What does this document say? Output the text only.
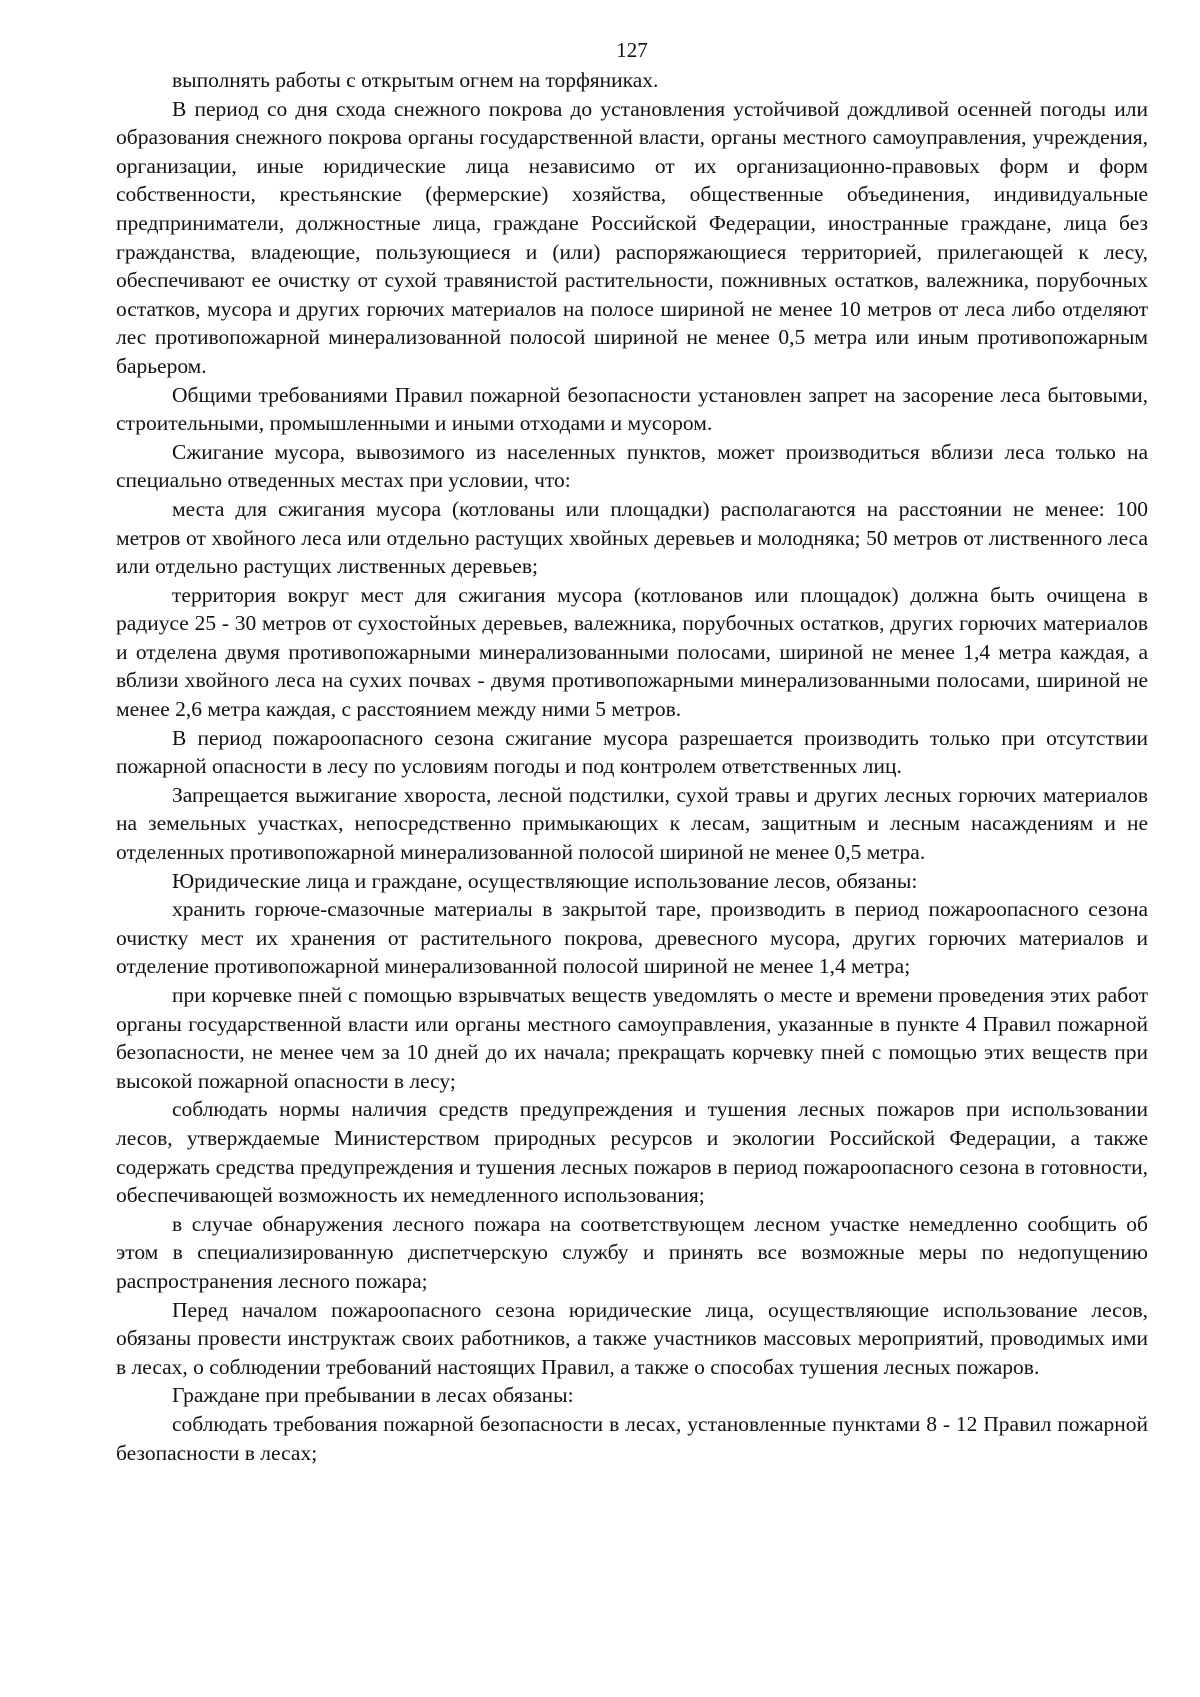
127

выполнять работы с открытым огнем на торфяниках.

В период со дня схода снежного покрова до установления устойчивой дождливой осенней погоды или образования снежного покрова органы государственной власти, органы местного самоуправления, учреждения, организации, иные юридические лица независимо от их организационно-правовых форм и форм собственности, крестьянские (фермерские) хозяйства, общественные объединения, индивидуальные предприниматели, должностные лица, граждане Российской Федерации, иностранные граждане, лица без гражданства, владеющие, пользующиеся и (или) распоряжающиеся территорией, прилегающей к лесу, обеспечивают ее очистку от сухой травянистой растительности, пожнивных остатков, валежника, порубочных остатков, мусора и других горючих материалов на полосе шириной не менее 10 метров от леса либо отделяют лес противопожарной минерализованной полосой шириной не менее 0,5 метра или иным противопожарным барьером.

Общими требованиями Правил пожарной безопасности установлен запрет на засорение леса бытовыми, строительными, промышленными и иными отходами и мусором.

Сжигание мусора, вывозимого из населенных пунктов, может производиться вблизи леса только на специально отведенных местах при условии, что:

места для сжигания мусора (котлованы или площадки) располагаются на расстоянии не менее: 100 метров от хвойного леса или отдельно растущих хвойных деревьев и молодняка; 50 метров от лиственного леса или отдельно растущих лиственных деревьев;

территория вокруг мест для сжигания мусора (котлованов или площадок) должна быть очищена в радиусе 25 - 30 метров от сухостойных деревьев, валежника, порубочных остатков, других горючих материалов и отделена двумя противопожарными минерализованными полосами, шириной не менее 1,4 метра каждая, а вблизи хвойного леса на сухих почвах - двумя противопожарными минерализованными полосами, шириной не менее 2,6 метра каждая, с расстоянием между ними 5 метров.

В период пожароопасного сезона сжигание мусора разрешается производить только при отсутствии пожарной опасности в лесу по условиям погоды и под контролем ответственных лиц.

Запрещается выжигание хвороста, лесной подстилки, сухой травы и других лесных горючих материалов на земельных участках, непосредственно примыкающих к лесам, защитным и лесным насаждениям и не отделенных противопожарной минерализованной полосой шириной не менее 0,5 метра.

Юридические лица и граждане, осуществляющие использование лесов, обязаны:

хранить горюче-смазочные материалы в закрытой таре, производить в период пожароопасного сезона очистку мест их хранения от растительного покрова, древесного мусора, других горючих материалов и отделение противопожарной минерализованной полосой шириной не менее 1,4 метра;

при корчевке пней с помощью взрывчатых веществ уведомлять о месте и времени проведения этих работ органы государственной власти или органы местного самоуправления, указанные в пункте 4 Правил пожарной безопасности, не менее чем за 10 дней до их начала; прекращать корчевку пней с помощью этих веществ при высокой пожарной опасности в лесу;

соблюдать нормы наличия средств предупреждения и тушения лесных пожаров при использовании лесов, утверждаемые Министерством природных ресурсов и экологии Российской Федерации, а также содержать средства предупреждения и тушения лесных пожаров в период пожароопасного сезона в готовности, обеспечивающей возможность их немедленного использования;

в случае обнаружения лесного пожара на соответствующем лесном участке немедленно сообщить об этом в специализированную диспетчерскую службу и принять все возможные меры по недопущению распространения лесного пожара;

Перед началом пожароопасного сезона юридические лица, осуществляющие использование лесов, обязаны провести инструктаж своих работников, а также участников массовых мероприятий, проводимых ими в лесах, о соблюдении требований настоящих Правил, а также о способах тушения лесных пожаров.

Граждане при пребывании в лесах обязаны:

соблюдать требования пожарной безопасности в лесах, установленные пунктами 8 - 12 Правил пожарной безопасности в лесах;
